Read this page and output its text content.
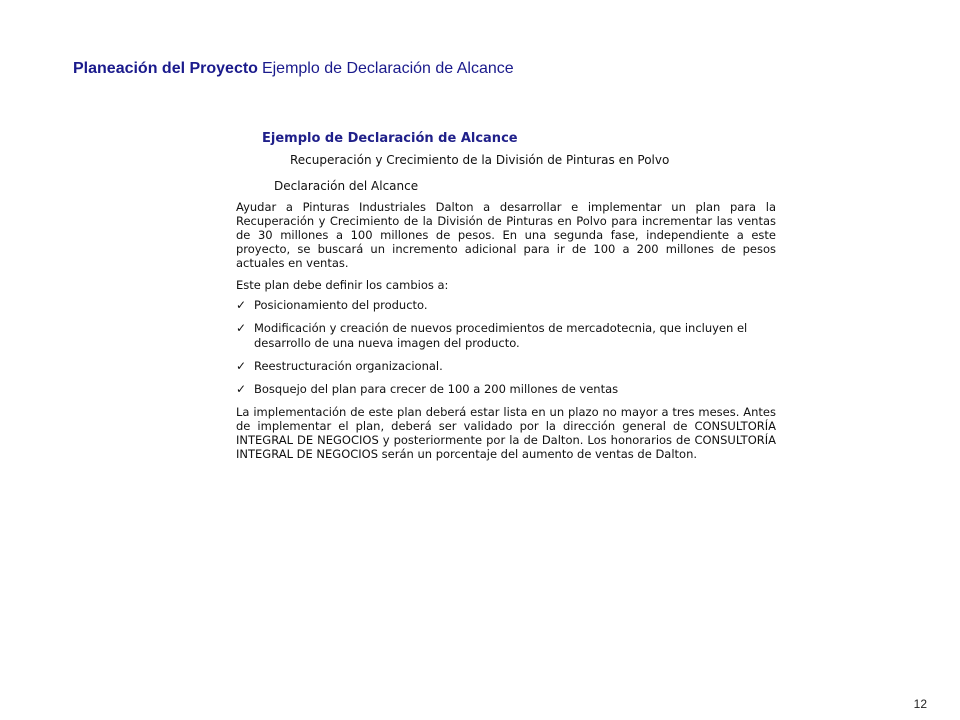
Planeación del Proyecto Ejemplo de Declaración de Alcance
Ejemplo de Declaración de Alcance
Recuperación y Crecimiento de la División de Pinturas en Polvo
Declaración del Alcance

Ayudar a Pinturas Industriales Dalton a desarrollar e implementar un plan para la Recuperación y Crecimiento de la División de Pinturas en Polvo para incrementar las ventas de 30 millones a 100 millones de pesos. En una segunda fase, independiente a este proyecto, se buscará un incremento adicional para ir de 100 a 200 millones de pesos actuales en ventas.

Este plan debe definir los cambios a:
✓ Posicionamiento del producto.
✓ Modificación y creación de nuevos procedimientos de mercadotecnia, que incluyen el desarrollo de una nueva imagen del producto.
✓ Reestructuración organizacional.
✓ Bosquejo del plan para crecer de 100 a 200 millones de ventas

La implementación de este plan deberá estar lista en un plazo no mayor a tres meses. Antes de implementar el plan, deberá ser validado por la dirección general de CONSULTORÍA INTEGRAL DE NEGOCIOS y posteriormente por la de Dalton. Los honorarios de CONSULTORÍA INTEGRAL DE NEGOCIOS serán un porcentaje del aumento de ventas de Dalton.

12
